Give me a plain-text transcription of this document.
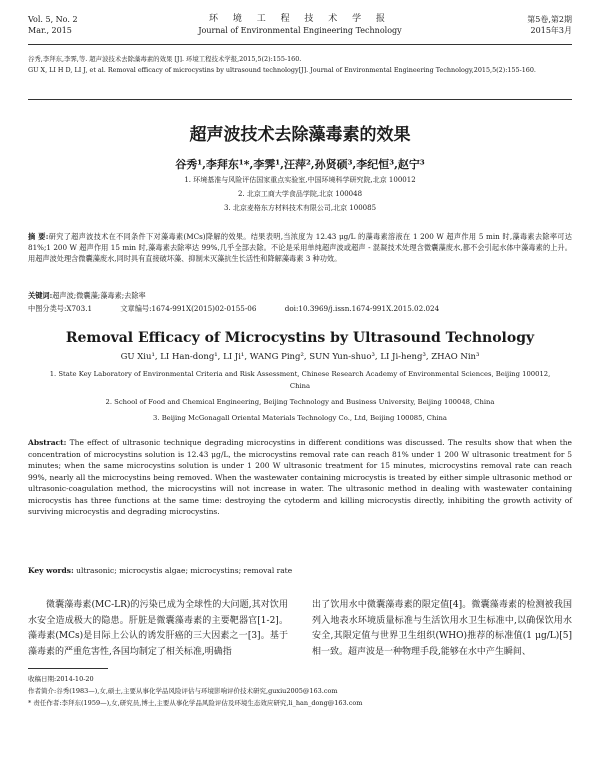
Vol. 5, No. 2
Mar., 2015
环 境 工 程 技 术 学 报
Journal of Environmental Engineering Technology
第5卷,第2期
2015年3月
谷秀,李拜东,李霁,等. 超声波技术去除藻毒素的效果 [J]. 环境工程技术学报,2015,5(2):155-160.
GU X, LI H D, LI J, et al. Removal efficacy of microcystins by ultrasound technology[J]. Journal of Environmental Engineering Technology,2015,5(2):155-160.
超声波技术去除藻毒素的效果
谷秀¹,李拜东¹*,李霁¹,汪萍²,孙贤硕³,李纪恒³,赵宁³
1. 环境基准与风险评估国家重点实验室,中国环境科学研究院,北京 100012
2. 北京工商大学食品学院,北京 100048
3. 北京麦格东方材料技术有限公司,北京 100085
摘 要:研究了超声波技术在不同条件下对藻毒素(MCs)降解的效果。结果表明,当浓度为 12.43 μg/L 的藻毒素溶液在 1 200 W 超声作用 5 min 时,藻毒素去除率可达 81%;1 200 W 超声作用 15 min 时,藻毒素去除率达 99%,几乎全部去除。不论是采用单纯超声波或超声 - 混凝技术处理含微囊藻废水,都不会引起水体中藻毒素的上升。用超声波处理含微囊藻废水,同时具有直接破坏藻、抑制未灭藻抗生长活性和降解藻毒素 3 种功效。
关键词:超声波;微囊藻;藻毒素;去除率
中图分类号:X703.1	文章编号:1674-991X(2015)02-0155-06	doi:10.3969/j.issn.1674-991X.2015.02.024
Removal Efficacy of Microcystins by Ultrasound Technology
GU Xiu¹, LI Han-dong¹, LI Ji¹, WANG Ping², SUN Yun-shuo³, LI Ji-heng³, ZHAO Nin³
1. State Key Laboratory of Environmental Criteria and Risk Assessment, Chinese Research Academy of Environmental Sciences, Beijing 100012, China
2. School of Food and Chemical Engineering, Beijing Technology and Business University, Beijing 100048, China
3. Beijing McGonagall Oriental Materials Technology Co., Ltd, Beijing 100085, China
Abstract: The effect of ultrasonic technique degrading microcystins in different conditions was discussed. The results show that when the concentration of microcystins solution is 12.43 μg/L, the microcystins removal rate can reach 81% under 1 200 W ultrasonic treatment for 5 minutes; when the same microcystins solution is under 1 200 W ultrasonic treatment for 15 minutes, microcystins removal rate can reach 99%, nearly all the microcystins being removed. When the wastewater containing microcystis is treated by either simple ultrasonic method or ultrasonic-coagulation method, the microcystins will not increase in water. The ultrasonic method in dealing with wastewater containing microcystis has three functions at the same time: destroying the cytoderm and killing microcystis directly, inhibiting the growth activity of surviving microcystis and degrading microcystins.
Key words: ultrasonic; microcystis algae; microcystins; removal rate
微囊藻毒素(MC-LR)的污染已成为全球性的大问题,其对饮用水安全造成极大的隐患。肝脏是微囊藻毒素的主要靶器官[1-2]。藻毒素(MCs)是目际上公认的诱发肝癌的三大因素之一[3]。基于藻毒素的严重危害性,各国均制定了相关标准,明确指
出了饮用水中微囊藻毒素的限定值[4]。微囊藻毒素的检测被我国列入地表水环境质量标准与生活饮用水卫生标准中,以确保饮用水安全,其限定值与世界卫生组织(WHO)推荐的标准值(1 μg/L)[5]相一致。超声波是一种物理手段,能够在水中产生瞬间、
收稿日期:2014-10-20
作者简介:谷秀(1983—),女,硕士,主要从事化学品风险评估与环境影响评价技术研究,guxiu2005@163.com
* 责任作者:李拜东(1959—),女,研究员,博士,主要从事化学品风险评估及环境生态效应研究,li_han_dong@163.com
